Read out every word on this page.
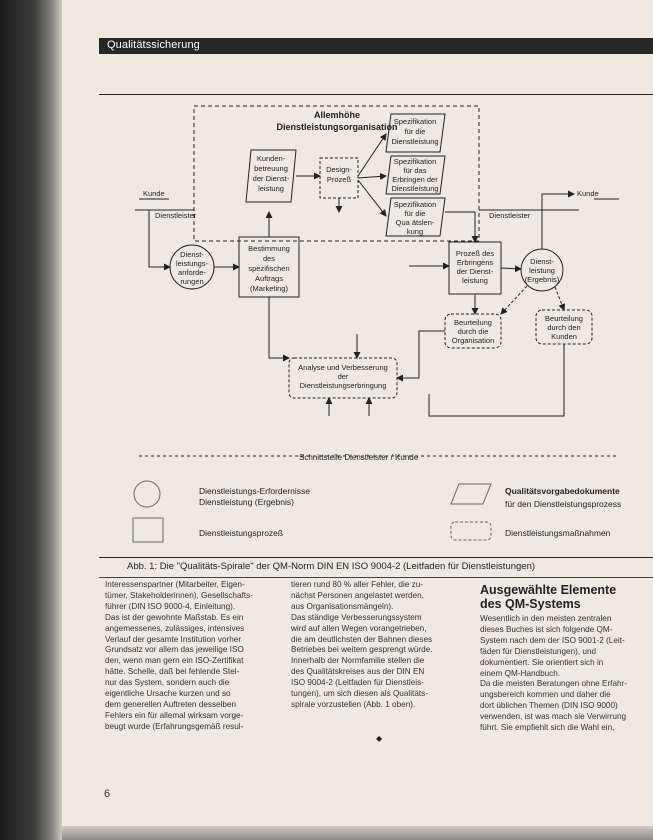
Qualitätssicherung
Allemhöhe
Dienstleistungsorganisation
Kunden-
betreuung
der Dienst-
leistung
Design-
Prozeß
Spezifikation
für die
Dienstleistung
Spezifikation
für das
Erbringen der
Dienstleistung
Spezifikation
für die
Qua ätslen-
kung
Bestimmung
des
spezifischen
Auftrags
(Marketing)
Dienst-
leistungs-
anforde-
rungen
Prozeß des
Erbringens
der Dienst-
leistung
Dienst-
leistung
(Ergebnis)
Beurteilung
durch die
Organisation
Beurteilung
durch den
Kunden
Analyse und Verbesserung
der
Dienstleistungserbringung
Kunde
Dienstleister
Kunde
Dienstleister
Schnittstelle Dienstleister / Kunde
Dienstleistungs-Erfordernisse
Dienstleistung (Ergebnis)
Dienstleistungsprozeß
Qualitätsvorgabedokumente
für den Dienstleistungsprozess
Dienstleistungsmaßnahmen
Abb. 1: Die "Qualitäts-Spirale" der QM-Norm DIN EN ISO 9004-2 (Leitfaden für Dienstleistungen)

Interessenspartner (Mitarbeiter, Eigen-

tümer, Stakeholderinnen), Gesellschafts-

führer (DIN ISO 9000-4, Einleitung).

Das ist der gewohnte Maßstab. Es ein

angemessenes, zulässiges, intensives

Verlauf der gesamte Institution vorher

Grundsatz vor allem das jeweilige ISO

den, wenn man gern ein ISO-Zertifikat

hätte. Schelle, daß bei fehlende Stel-

nur das System, sondern auch die

eigentliche Ursache kurzen und so

dem generellen Auftreten desselben

Fehlers ein für allemal wirksam vorge-

beugt wurde (Erfahrungsgemäß resul-

tieren rund 80 % aller Fehler, die zu-

nächst Personen angelastet werden,

aus Organisationsmängeln).

Das ständige Verbesserungssystem

wird auf allen Wegen vorangetrieben,

die am deutlichsten der Bahnen dieses

Betriebes bei weitem gesprengt würde.

Innerhalb der Normfamilie stellen die

des Qualitätskreises aus der DIN EN

ISO 9004-2 (Leitfaden für Dienstleis-

tungen), um sich diesen als Qualitäts-

spirale vorzustellen (Abb. 1 oben).

Ausgewählte Elemente
des QM-Systems

Wesentlich in den meisten zentralen

dieses Buches ist sich folgende QM-

System nach dem der ISO 9001-2 (Leit-

fäden für Dienstleistungen), und

dokumentiert. Sie orientiert sich in

einem QM-Handbuch.

Da die meisten Beratungen ohne Erfahr-

ungsbereich kommen und daher die

dort üblichen Themen (DIN ISO 9000)

verwenden, ist was mach sie Verwirrung

führt. Sie empfiehlt sich die Wahl ein,

◆
6
